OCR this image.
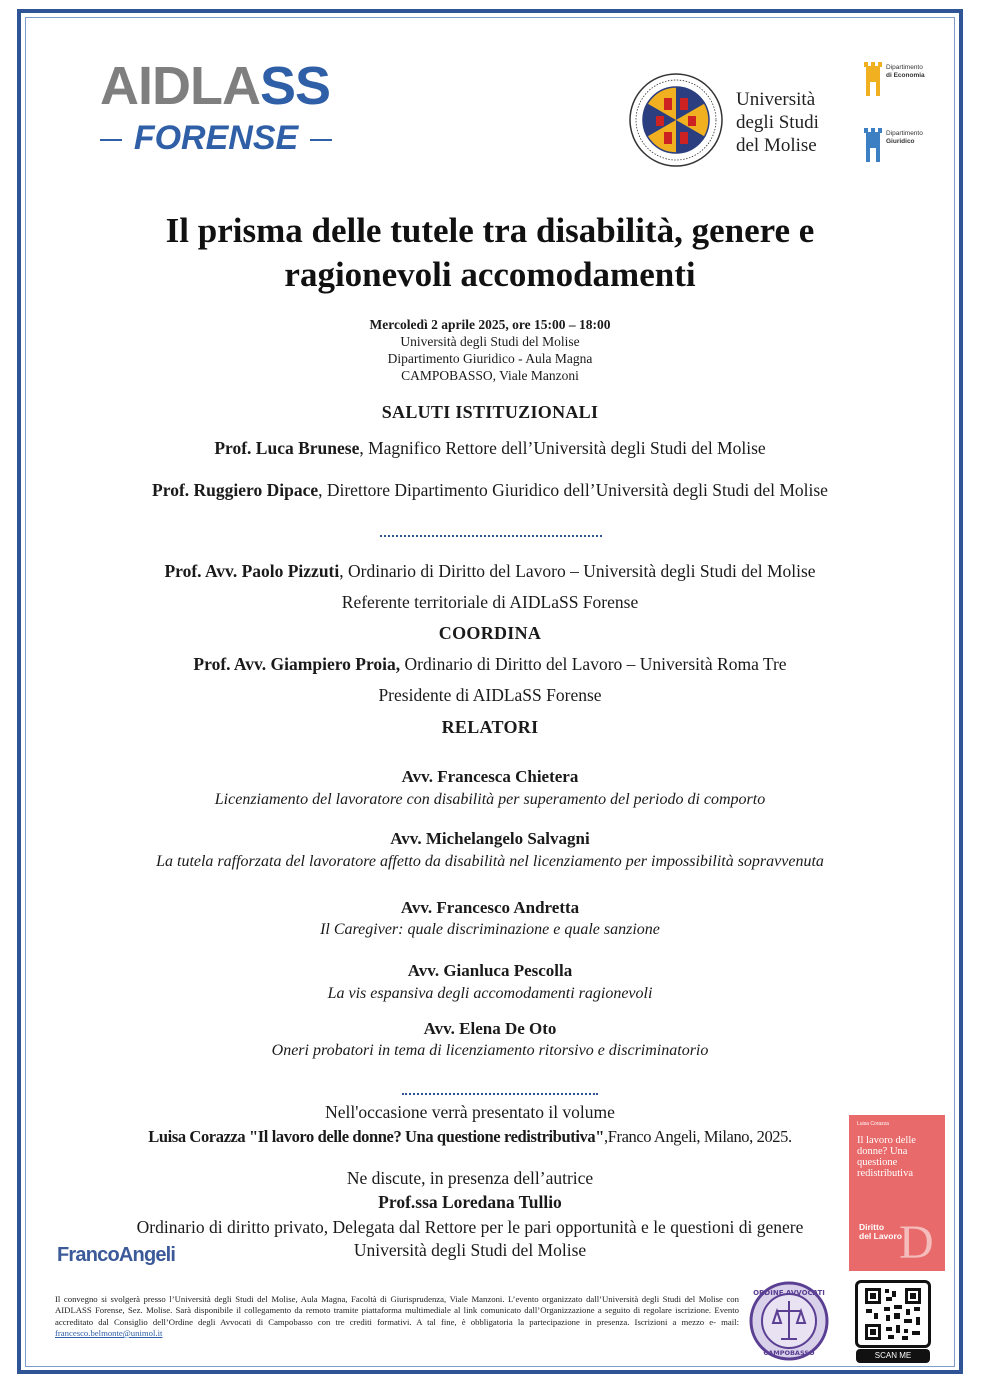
AIDLASS
FORENSE
Università
degli Studi
del Molise
Dipartimento
di Economia
Dipartimento
Giuridico
Il prisma delle tutele tra disabilità, genere e
ragionevoli accomodamenti
Mercoledì 2 aprile 2025, ore 15:00 – 18:00
Università degli Studi del Molise
Dipartimento Giuridico - Aula Magna
CAMPOBASSO, Viale Manzoni
SALUTI ISTITUZIONALI
Prof. Luca Brunese, Magnifico Rettore dell’Università degli Studi del Molise
Prof. Ruggiero Dipace, Direttore Dipartimento Giuridico dell’Università degli Studi del Molise
Prof. Avv. Paolo Pizzuti, Ordinario di Diritto del Lavoro – Università degli Studi del Molise
Referente territoriale di AIDLaSS Forense
COORDINA
Prof. Avv. Giampiero Proia, Ordinario di Diritto del Lavoro – Università Roma Tre
Presidente di AIDLaSS Forense
RELATORI
Avv. Francesca Chietera
Licenziamento del lavoratore con disabilità per superamento del periodo di comporto
Avv. Michelangelo Salvagni
La tutela rafforzata del lavoratore affetto da disabilità nel licenziamento per impossibilità sopravvenuta
Avv. Francesco Andretta
Il Caregiver: quale discriminazione e quale sanzione
Avv. Gianluca Pescolla
La vis espansiva degli accomodamenti ragionevoli
Avv. Elena De Oto
Oneri probatori in tema di licenziamento ritorsivo e discriminatorio
Nell'occasione verrà presentato il volume
Luisa Corazza "Il lavoro delle donne? Una questione redistributiva",Franco Angeli, Milano, 2025.
Ne discute, in presenza dell’autrice
Prof.ssa Loredana Tullio
Ordinario di diritto privato, Delegata dal Rettore per le pari opportunità e le questioni di genere
Università degli Studi del Molise
Luisa Corazza
Il lavoro delle donne? Una questione redistributiva
D
Diritto
del Lavoro
FrancoAngeli
Il convegno si svolgerà presso l’Università degli Studi del Molise, Aula Magna, Facoltà di Giurisprudenza, Viale Manzoni. L’evento organizzato dall’Università degli Studi del Molise con AIDLASS Forense, Sez. Molise. Sarà disponibile il collegamento da remoto tramite piattaforma multimediale al link comunicato dall’Organizzazione a seguito di regolare iscrizione. Evento accreditato dal Consiglio dell’Ordine degli Avvocati di Campobasso con tre crediti formativi. A tal fine, è obbligatoria la partecipazione in presenza. Iscrizioni a mezzo e- mail: francesco.belmonte@unimol.it
ORDINE AVVOCATI
CAMPOBASSO	SCAN ME
